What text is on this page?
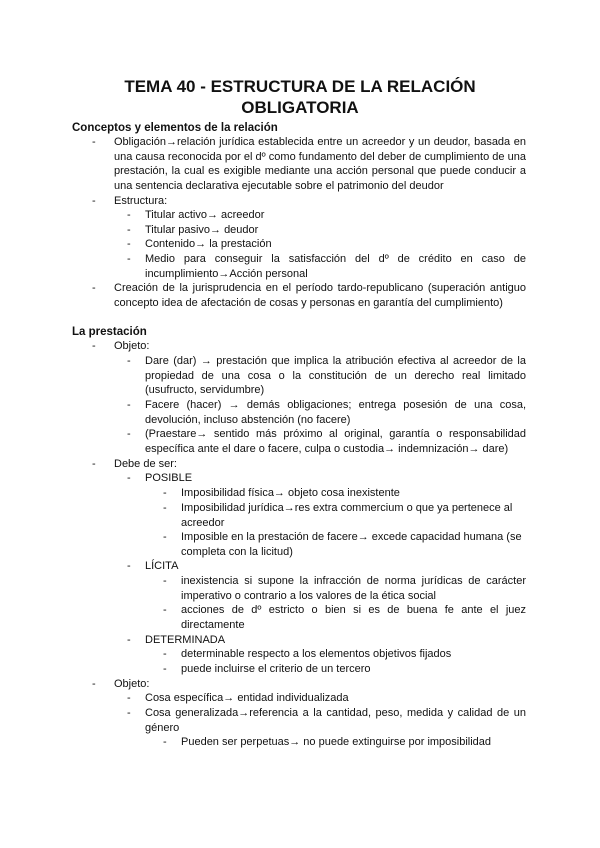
TEMA 40 - ESTRUCTURA DE LA RELACIÓN
OBLIGATORIA
Conceptos y elementos de la relación
- Obligación→relación jurídica establecida entre un acreedor y un deudor, basada en una causa reconocida por el dº como fundamento del deber de cumplimiento de una prestación, la cual es exigible mediante una acción personal que puede conducir a una sentencia declarativa ejecutable sobre el patrimonio del deudor
- Estructura:
- Titular activo→ acreedor
- Titular pasivo→ deudor
- Contenido→ la prestación
- Medio para conseguir la satisfacción del dº de crédito en caso de incumplimiento→Acción personal
- Creación de la jurisprudencia en el período tardo-republicano (superación antiguo concepto idea de afectación de cosas y personas en garantía del cumplimiento)
La prestación
- Objeto:
- Dare (dar) → prestación que implica la atribución efectiva al acreedor de la propiedad de una cosa o la constitución de un derecho real limitado (usufructo, servidumbre)
- Facere (hacer) → demás obligaciones; entrega posesión de una cosa, devolución, incluso abstención (no facere)
- (Praestare→ sentido más próximo al original, garantía o responsabilidad específica ante el dare o facere, culpa o custodia→ indemnización→ dare)
- Debe de ser:
- POSIBLE
- Imposibilidad física→ objeto cosa inexistente
- Imposibilidad jurídica→res extra commercium o que ya pertenece al acreedor
- Imposible en la prestación de facere→ excede capacidad humana (se completa con la licitud)
- LÍCITA
- inexistencia si supone la infracción de norma jurídicas de carácter imperativo o contrario a los valores de la ética social
- acciones de dº estricto o bien si es de buena fe ante el juez directamente
- DETERMINADA
- determinable respecto a los elementos objetivos fijados
- puede incluirse el criterio de un tercero
- Objeto:
- Cosa específica→ entidad individualizada
- Cosa generalizada→referencia a la cantidad, peso, medida y calidad de un género
- Pueden ser perpetuas→ no puede extinguirse por imposibilidad
